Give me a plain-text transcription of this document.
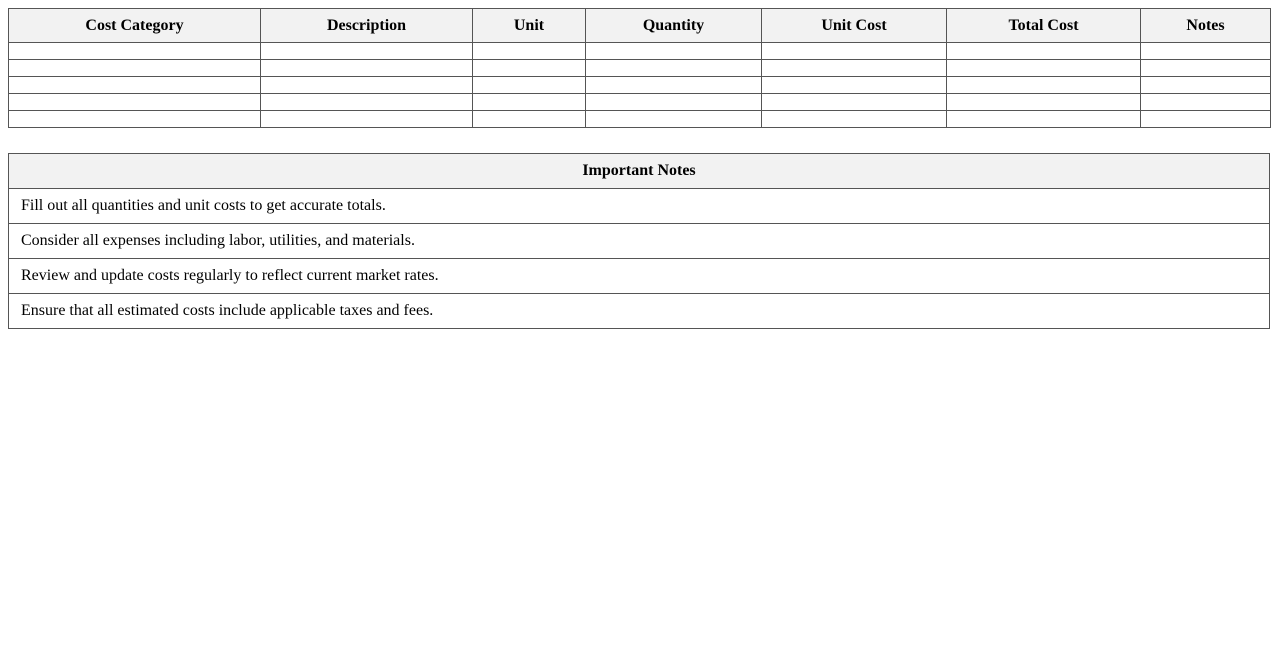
Cost Category	Description	Unit	Quantity	Unit Cost	Total Cost	Notes

Important Notes
Fill out all quantities and unit costs to get accurate totals.
Consider all expenses including labor, utilities, and materials.
Review and update costs regularly to reflect current market rates.
Ensure that all estimated costs include applicable taxes and fees.
